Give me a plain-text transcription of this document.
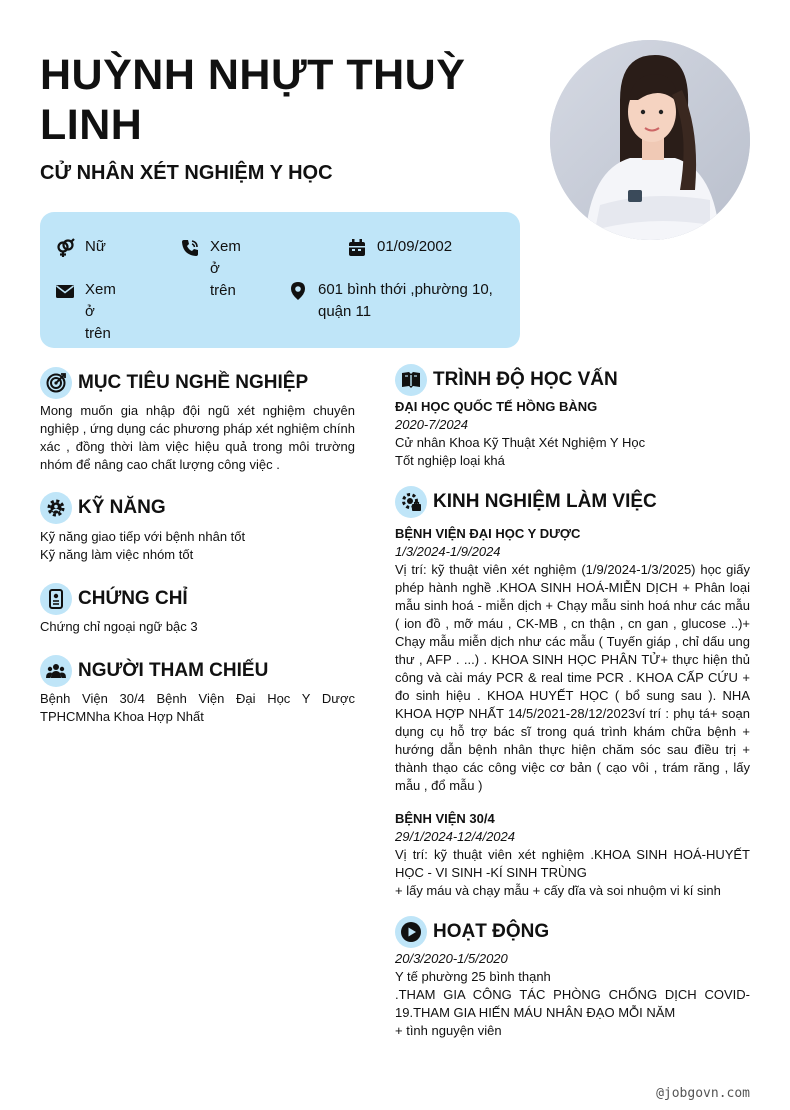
HUỲNH NHỰT THUỲ LINH
CỬ NHÂN XÉT NGHIỆM Y HỌC
Nữ	Xem ở trên
01/09/2002
Xem ở trên
601 bình thới ,phường 10, quận 11
MỤC TIÊU NGHỀ NGHIỆP
Mong muốn gia nhập đội ngũ xét nghiệm chuyên nghiệp , ứng dụng các phương pháp xét nghiệm chính xác , đồng thời làm việc hiệu quả trong môi trường nhóm để nâng cao chất lượng công việc .
KỸ NĂNG
Kỹ năng giao tiếp với bệnh nhân tốt
Kỹ năng làm việc nhóm tốt
CHỨNG CHỈ
Chứng chỉ ngoại ngữ bậc 3
NGƯỜI THAM CHIẾU
Bệnh Viện 30/4 Bệnh Viện Đại Học Y Dược TPHCMNha Khoa Hợp Nhất
TRÌNH ĐỘ HỌC VẤN
ĐẠI HỌC QUỐC TẾ HỒNG BÀNG
2020-7/2024
Cử nhân Khoa Kỹ Thuật Xét Nghiệm Y Học
Tốt nghiệp loại khá
KINH NGHIỆM LÀM VIỆC
BỆNH VIỆN ĐẠI HỌC Y DƯỢC
1/3/2024-1/9/2024
Vị trí: kỹ thuật viên xét nghiệm (1/9/2024-1/3/2025) học giấy phép hành nghề .KHOA SINH HOÁ-MIỄN DỊCH + Phân loại mẫu sinh hoá - miễn dịch + Chạy mẫu sinh hoá như các mẫu ( ion đồ , mỡ máu , CK-MB , cn thận , cn gan , glucose ..)+ Chạy mẫu miễn dịch như các mẫu ( Tuyến giáp , chỉ dấu ung thư , AFP . ...) . KHOA SINH HỌC PHÂN TỬ+ thực hiện thủ công và cài máy PCR & real time PCR . KHOA CẤP CỨU + đo sinh hiệu . KHOA HUYẾT HỌC ( bổ sung sau ). NHA KHOA HỢP NHẤT 14/5/2021-28/12/2023ví trí : phụ tá+ soạn dụng cụ hỗ trợ bác sĩ trong quá trình khám chữa bệnh + hướng dẫn bệnh nhân thực hiện chăm sóc sau điều trị + thành thạo các công việc cơ bản ( cạo vôi , trám răng , lấy mẫu , đổ mẫu )
BỆNH VIỆN 30/4
29/1/2024-12/4/2024
Vị trí: kỹ thuật viên xét nghiệm .KHOA SINH HOÁ-HUYẾT HỌC - VI SINH -KÍ SINH TRÙNG
+ lấy máu và chạy mẫu + cấy dĩa và soi nhuộm vi kí sinh
HOẠT ĐỘNG
20/3/2020-1/5/2020
Y tế phường 25 bình thạnh
.THAM GIA CÔNG TÁC PHÒNG CHỐNG DỊCH COVID-19.THAM GIA HIẾN MÁU NHÂN ĐẠO MỖI NĂM
+ tình nguyện viên
@jobgovn.com
